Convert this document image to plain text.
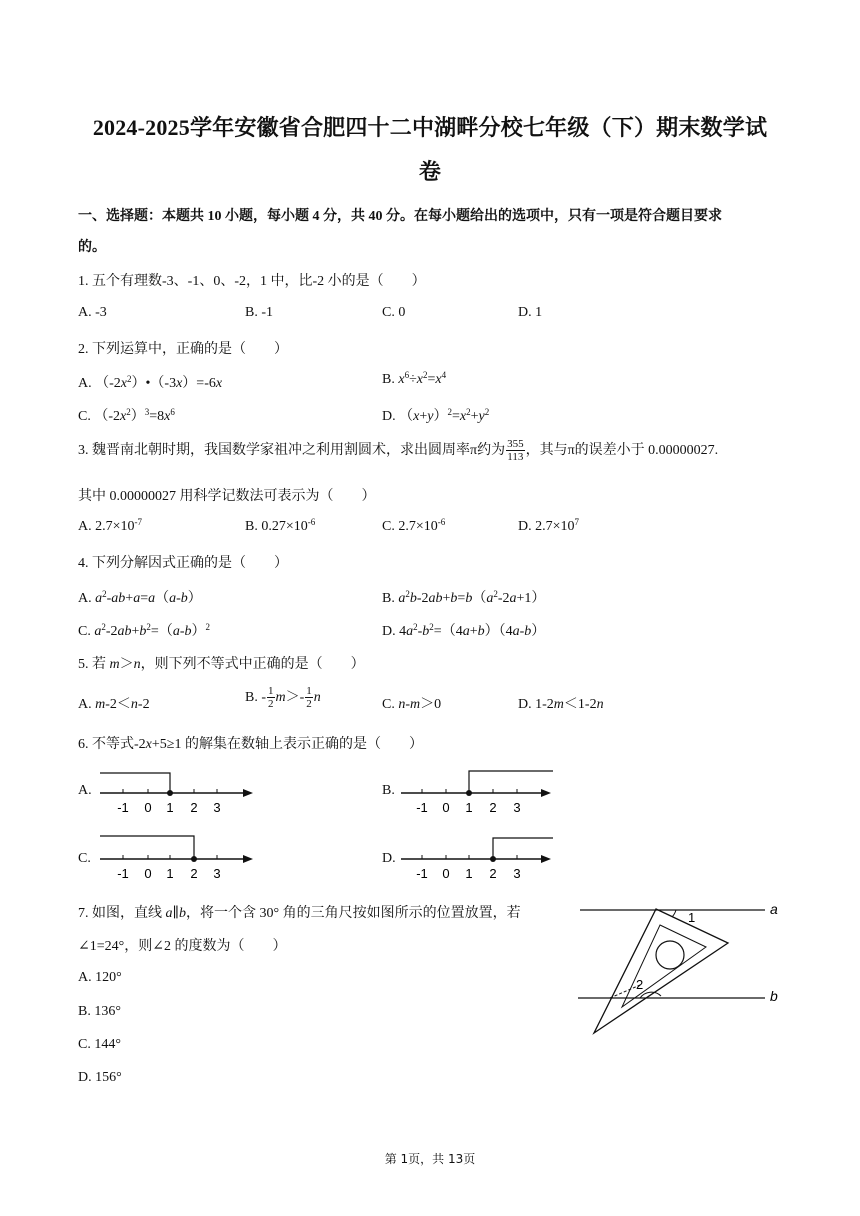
2024-2025学年安徽省合肥四十二中湖畔分校七年级（下）期末数学试
卷
一、选择题：本题共 10 小题，每小题 4 分，共 40 分。在每小题给出的选项中，只有一项是符合题目要求
的。
1. 五个有理数-3、-1、0、-2，1 中，比-2 小的是（　　）
A. -3	B. -1	C. 0	D. 1
2. 下列运算中，正确的是（　　）
A. $(-2x^2)•(-3x)=-6x$	B. $x^6\div x^2=x^4$
C. $(-2x^2)^3=8x^6$	D. $(x+y)^2=x^2+y^2$
3. 魏晋南北朝时期，我国数学家祖冲之利用割圆术，求出圆周率π约为 $\frac{355}{113}$ ，其与π的误差小于 0.00000027.
其中 0.00000027 用科学记数法可表示为（　　）
A. $2.7\times 10^{-7}$	B. $0.27\times 10^{-6}$	C. $2.7\times 10^{-6}$	D. $2.7\times 10^7$
4. 下列分解因式正确的是（　　）
A. $a^2-ab+a=a(a-b)$	B. $a^2b-2ab+b=b(a^2-2a+1)$
C. $a^2-2ab+b^2=(a-b)^2$	D. $4a^2-b^2=(4a+b)(4a-b)$
5. 若 m＞n，则下列不等式中正确的是（　　）
A. m-2＜n-2	B. - $\frac{1}{2} m>- \frac{1}{2}$ n	C. n-m＞0	D. 1-2m＜1-2n
6. 不等式-2x+5≥1 的解集在数轴上表示正确的是（　　）
A.
-1 0 1 2 3
B.
-1 0 1 2 3
C.
-1 0 1 2 3
D.
-1 0 1 2 3
7. 如图，直线 a∥b，将一个含 30° 角的三角尺按如图所示的位置放置，若
∠1=24°，则∠2 的度数为（　　）
A. 120°
B. 136°
C. 144°
D. 156°
a
b
1
2
第 1页，共 13页
